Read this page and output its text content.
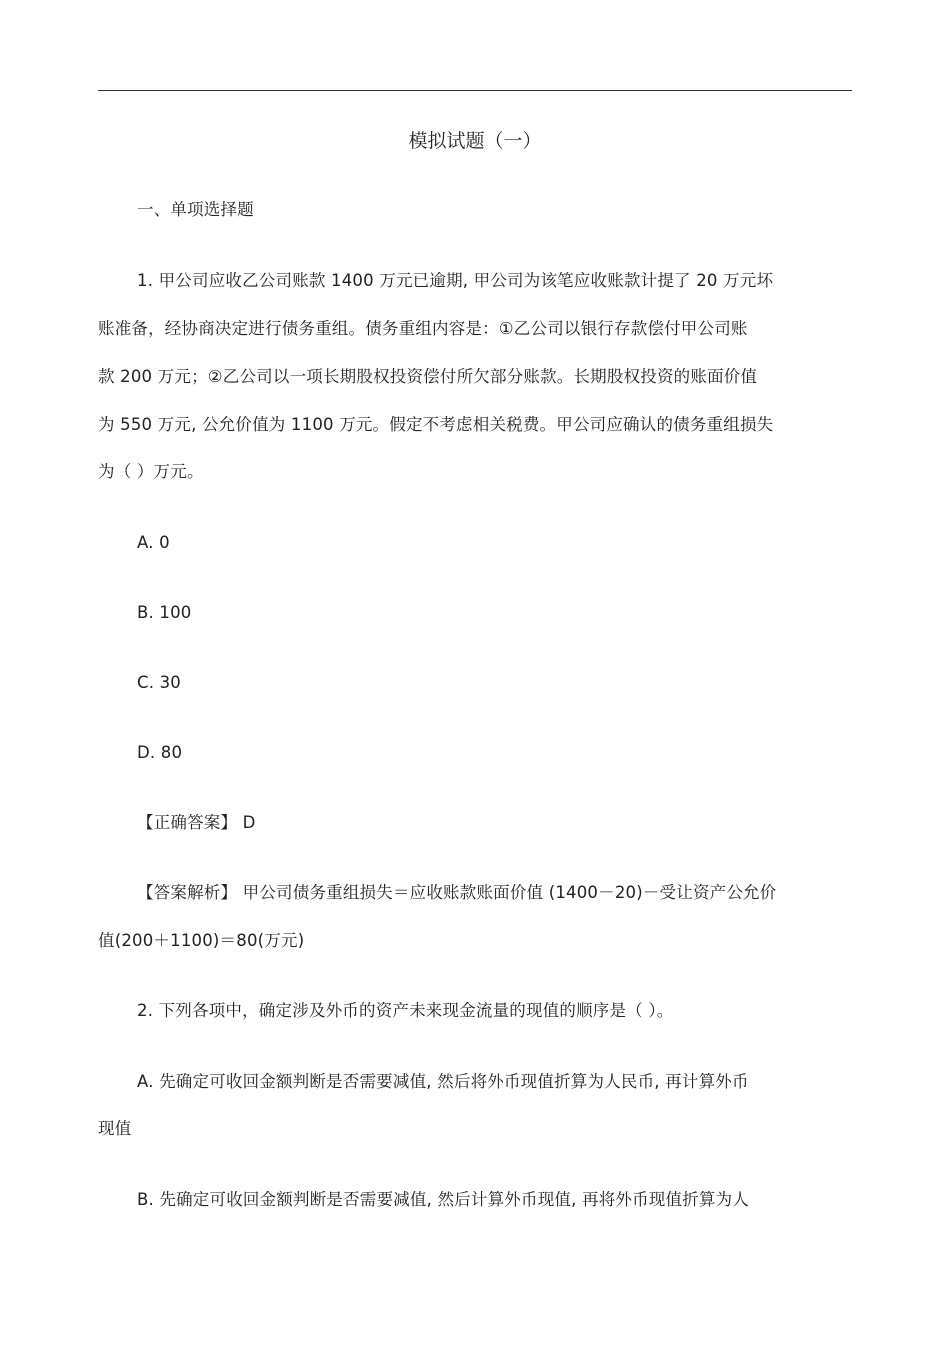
模拟试题（一）
一、单项选择题
1. 甲公司应收乙公司账款 1400 万元已逾期, 甲公司为该笔应收账款计提了 20 万元坏
账准备，经协商决定进行债务重组。债务重组内容是：①乙公司以银行存款偿付甲公司账
款 200 万元；②乙公司以一项长期股权投资偿付所欠部分账款。长期股权投资的账面价值
为 550 万元, 公允价值为 1100 万元。假定不考虑相关税费。甲公司应确认的债务重组损失
为（ ）万元。
A. 0
B. 100
C. 30
D. 80
【正确答案】 D
【答案解析】 甲公司债务重组损失＝应收账款账面价值 (1400－20)－受让资产公允价
值(200＋1100)＝80(万元)
2. 下列各项中，确定涉及外币的资产未来现金流量的现值的顺序是（ ）。
A. 先确定可收回金额判断是否需要减值, 然后将外币现值折算为人民币, 再计算外币
现值
B. 先确定可收回金额判断是否需要减值, 然后计算外币现值, 再将外币现值折算为人
